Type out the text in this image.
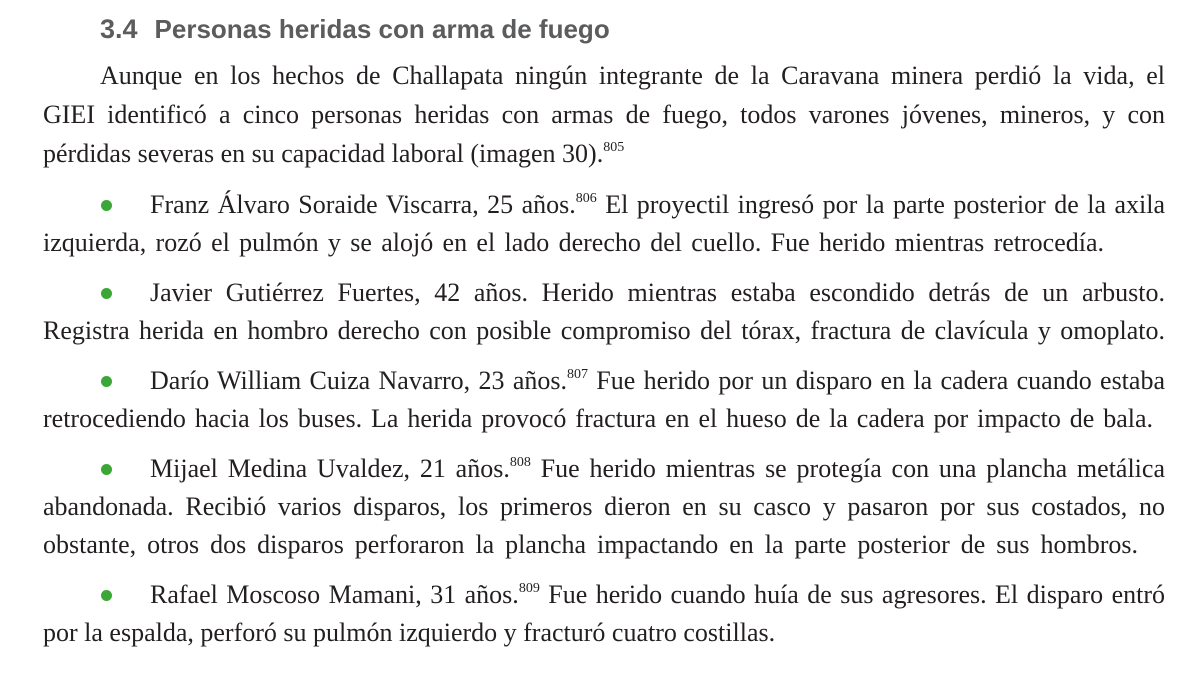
3.4 Personas heridas con arma de fuego
Aunque en los hechos de Challapata ningún integrante de la Caravana minera perdió la vida, el
GIEI identificó a cinco personas heridas con armas de fuego, todos varones jóvenes, mineros, y con
pérdidas severas en su capacidad laboral (imagen 30).$^{805}$
Franz Álvaro Soraide Viscarra, 25 años.$^{806}$ El proyectil ingresó por la parte posterior de la axila
izquierda, rozó el pulmón y se alojó en el lado derecho del cuello. Fue herido mientras retrocedía.
Javier Gutiérrez Fuertes, 42 años. Herido mientras estaba escondido detrás de un arbusto.
Registra herida en hombro derecho con posible compromiso del tórax, fractura de clavícula y omoplato.
Darío William Cuiza Navarro, 23 años.$^{807}$ Fue herido por un disparo en la cadera cuando estaba
retrocediendo hacia los buses. La herida provocó fractura en el hueso de la cadera por impacto de bala.
Mijael Medina Uvaldez, 21 años.$^{808}$ Fue herido mientras se protegía con una plancha metálica
abandonada. Recibió varios disparos, los primeros dieron en su casco y pasaron por sus costados, no
obstante, otros dos disparos perforaron la plancha impactando en la parte posterior de sus hombros.
Rafael Moscoso Mamani, 31 años.$^{809}$ Fue herido cuando huía de sus agresores. El disparo entró
por la espalda, perforó su pulmón izquierdo y fracturó cuatro costillas.
